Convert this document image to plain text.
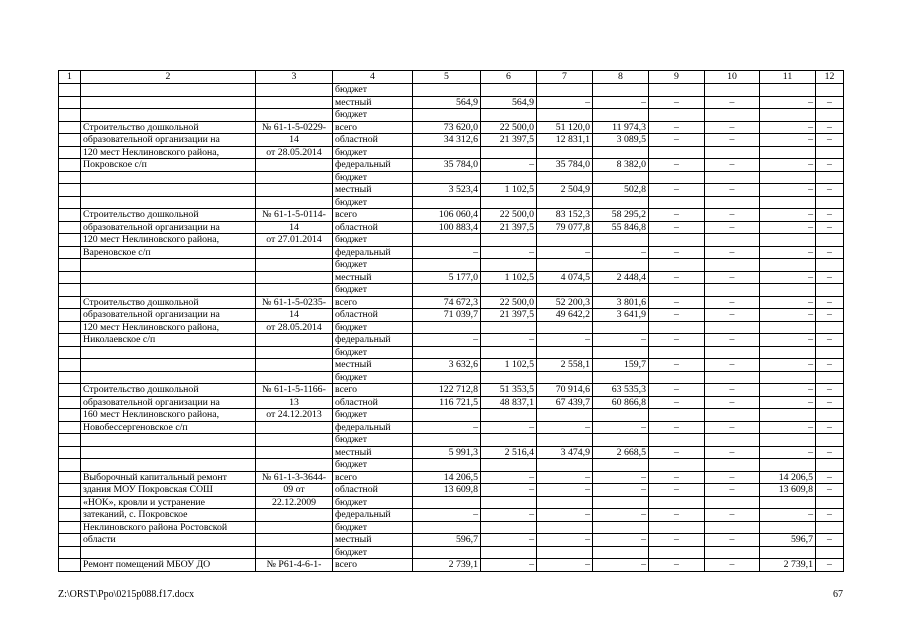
1	2	3	4	5	6	7	8	9	10	11	12
			бюджет								
			местный	564,9	564,9	–	–	–	–	–	–
			бюджет								
	Строительство дошкольной	№ 61-1-5-0229-	всего	73 620,0	22 500,0	51 120,0	11 974,3	–	–	–	–
	образовательной организации на	14	областной	34 312,6	21 397,5	12 831,1	3 089,5	–	–	–	–
	120 мест Неклиновского района,	от 28.05.2014	бюджет								
	Покровское с/п		федеральный	35 784,0	–	35 784,0	8 382,0	–	–	–	–
			бюджет								
			местный	3 523,4	1 102,5	2 504,9	502,8	–	–	–	–
			бюджет								
	Строительство дошкольной	№ 61-1-5-0114-	всего	106 060,4	22 500,0	83 152,3	58 295,2	–	–	–	–
	образовательной организации на	14	областной	100 883,4	21 397,5	79 077,8	55 846,8	–	–	–	–
	120 мест Неклиновского района,	от 27.01.2014	бюджет								
	Вареновское с/п		федеральный	–	–	–	–	–	–	–	–
			бюджет								
			местный	5 177,0	1 102,5	4 074,5	2 448,4	–	–	–	–
			бюджет								
	Строительство дошкольной	№ 61-1-5-0235-	всего	74 672,3	22 500,0	52 200,3	3 801,6	–	–	–	–
	образовательной организации на	14	областной	71 039,7	21 397,5	49 642,2	3 641,9	–	–	–	–
	120 мест Неклиновского района,	от 28.05.2014	бюджет								
	Николаевское с/п		федеральный	–	–	–	–	–	–	–	–
			бюджет								
			местный	3 632,6	1 102,5	2 558,1	159,7	–	–	–	–
			бюджет								
	Строительство дошкольной	№ 61-1-5-1166-	всего	122 712,8	51 353,5	70 914,6	63 535,3	–	–	–	–
	образовательной организации на	13	областной	116 721,5	48 837,1	67 439,7	60 866,8	–	–	–	–
	160 мест Неклиновского района,	от 24.12.2013	бюджет								
	Новобессергеновское с/п		федеральный	–	–	–	–	–	–	–	–
			бюджет								
			местный	5 991,3	2 516,4	3 474,9	2 668,5	–	–	–	–
			бюджет								
	Выборочный капитальный ремонт	№ 61-1-3-3644-	всего	14 206,5	–	–	–	–	–	14 206,5	–
	здания МОУ Покровская СОШ	09 от	областной	13 609,8	–	–	–	–	–	13 609,8	–
	«НОК», кровли и устранение	22.12.2009	бюджет								
	затеканий, с. Покровское		федеральный	–	–	–	–	–	–	–	–
	Неклиновского района Ростовской		бюджет								
	области		местный	596,7	–	–	–	–	–	596,7	–
			бюджет								
	Ремонт помещений МБОУ ДО	№ Р61-4-6-1-	всего	2 739,1	–	–	–	–	–	2 739,1	–
Z:\ORST\Ppo\0215p088.f17.docx	67
